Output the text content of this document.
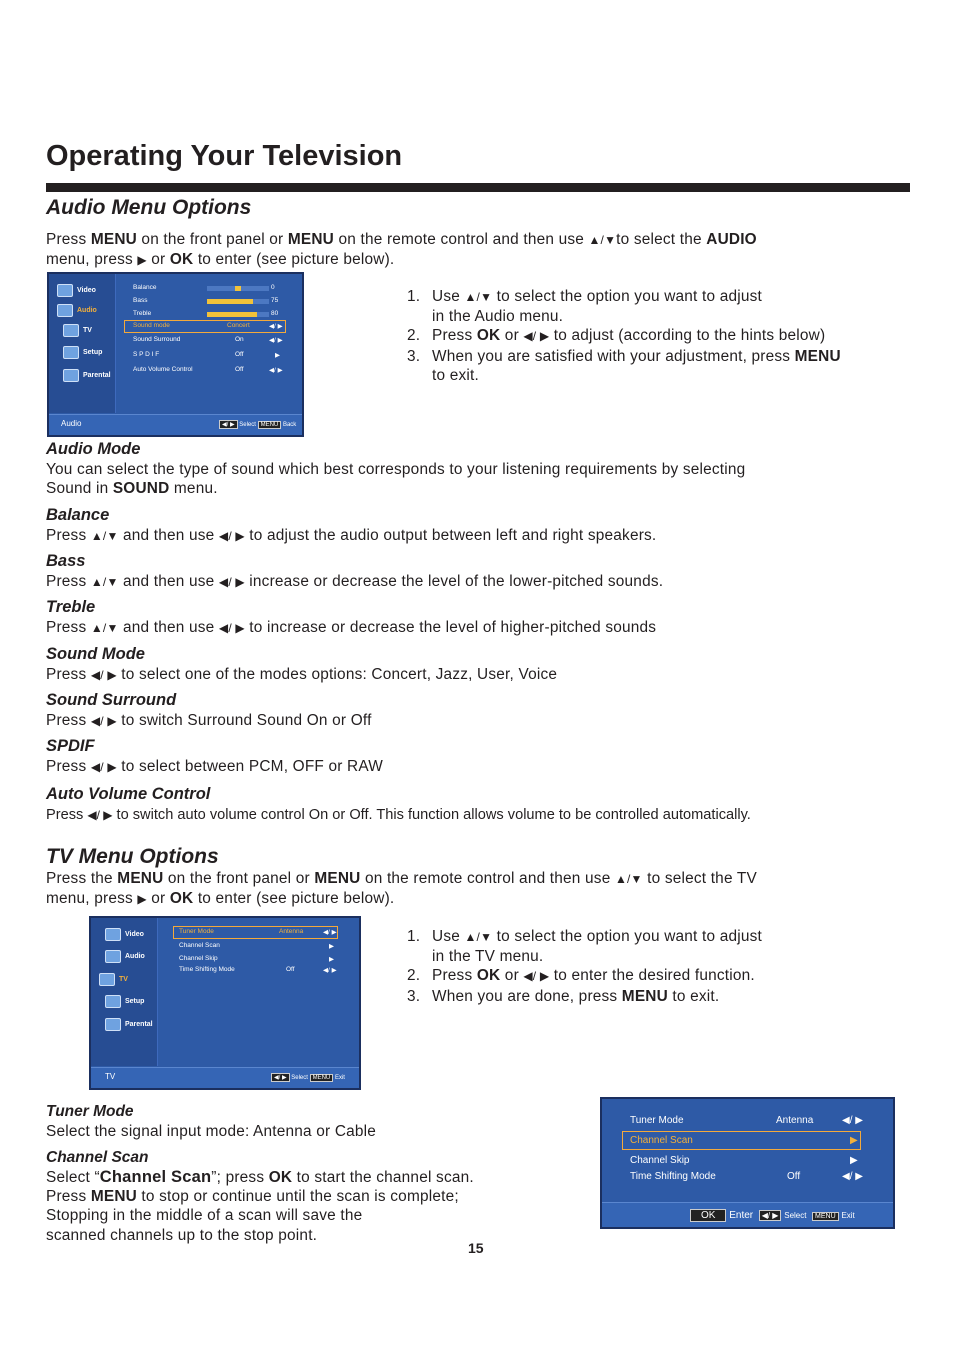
Operating Your Television
Audio Menu Options
Press MENU on the front panel or MENU on the remote control and then use ▲/▼to select the AUDIO
menu, press ▶ or OK to enter (see picture below).
Video
Audio
TV
Setup
Parental
Balance	0
Bass	75
Treble	80
Sound mode	Concert	◀/ ▶
Sound Surround	On	◀/ ▶
S P D I F	Off	▶
Auto Volume Control	Off	◀/ ▶
Audio	◀/ ▶ Select MENU Back
1. Use ▲/▼ to select the option you want to adjust
in the Audio menu.
2. Press OK or ◀/ ▶ to adjust (according to the hints below)
3. When you are satisfied with your adjustment, press MENU
to exit.
Audio Mode
You can select the type of sound which best corresponds to your listening requirements by selecting
Sound in SOUND menu.
Balance
Press ▲/▼ and then use ◀/ ▶ to adjust the audio output between left and right speakers.
Bass
Press ▲/▼ and then use ◀/ ▶ increase or decrease the level of the lower-pitched sounds.
Treble
Press ▲/▼ and then use ◀/ ▶ to increase or decrease the level of higher-pitched sounds
Sound Mode
Press ◀/ ▶ to select one of the modes options: Concert, Jazz, User, Voice
Sound Surround
Press ◀/ ▶ to switch Surround Sound On or Off
SPDIF
Press ◀/ ▶ to select between PCM, OFF or RAW
Auto Volume Control
Press ◀/ ▶ to switch auto volume control On or Off. This function allows volume to be controlled automatically.
TV Menu Options
Press the MENU on the front panel or MENU on the remote control and then use ▲/▼ to select the TV
menu, press ▶ or OK to enter (see picture below).
Video
Audio
TV
Setup
Parental
Tuner Mode	Antenna	◀/ ▶
Channel Scan	▶
Channel Skip	▶
Time Shifting Mode	Off	◀/ ▶
TV	◀/ ▶ Select MENU Exit
1. Use ▲/▼ to select the option you want to adjust
in the TV menu.
2. Press OK or ◀/ ▶ to enter the desired function.
3. When you are done, press MENU to exit.
Tuner Mode
Select the signal input mode: Antenna or Cable
Channel Scan
Select “Channel Scan”; press OK to start the channel scan.
Press MENU to stop or continue until the scan is complete;
Stopping in the middle of a scan will save the
scanned channels up to the stop point.
Tuner Mode	Antenna	◀/ ▶
Channel Scan	▶
Channel Skip	▶
Time Shifting Mode	Off	◀/ ▶
OK Enter ◀/ ▶ Select MENU Exit
15
